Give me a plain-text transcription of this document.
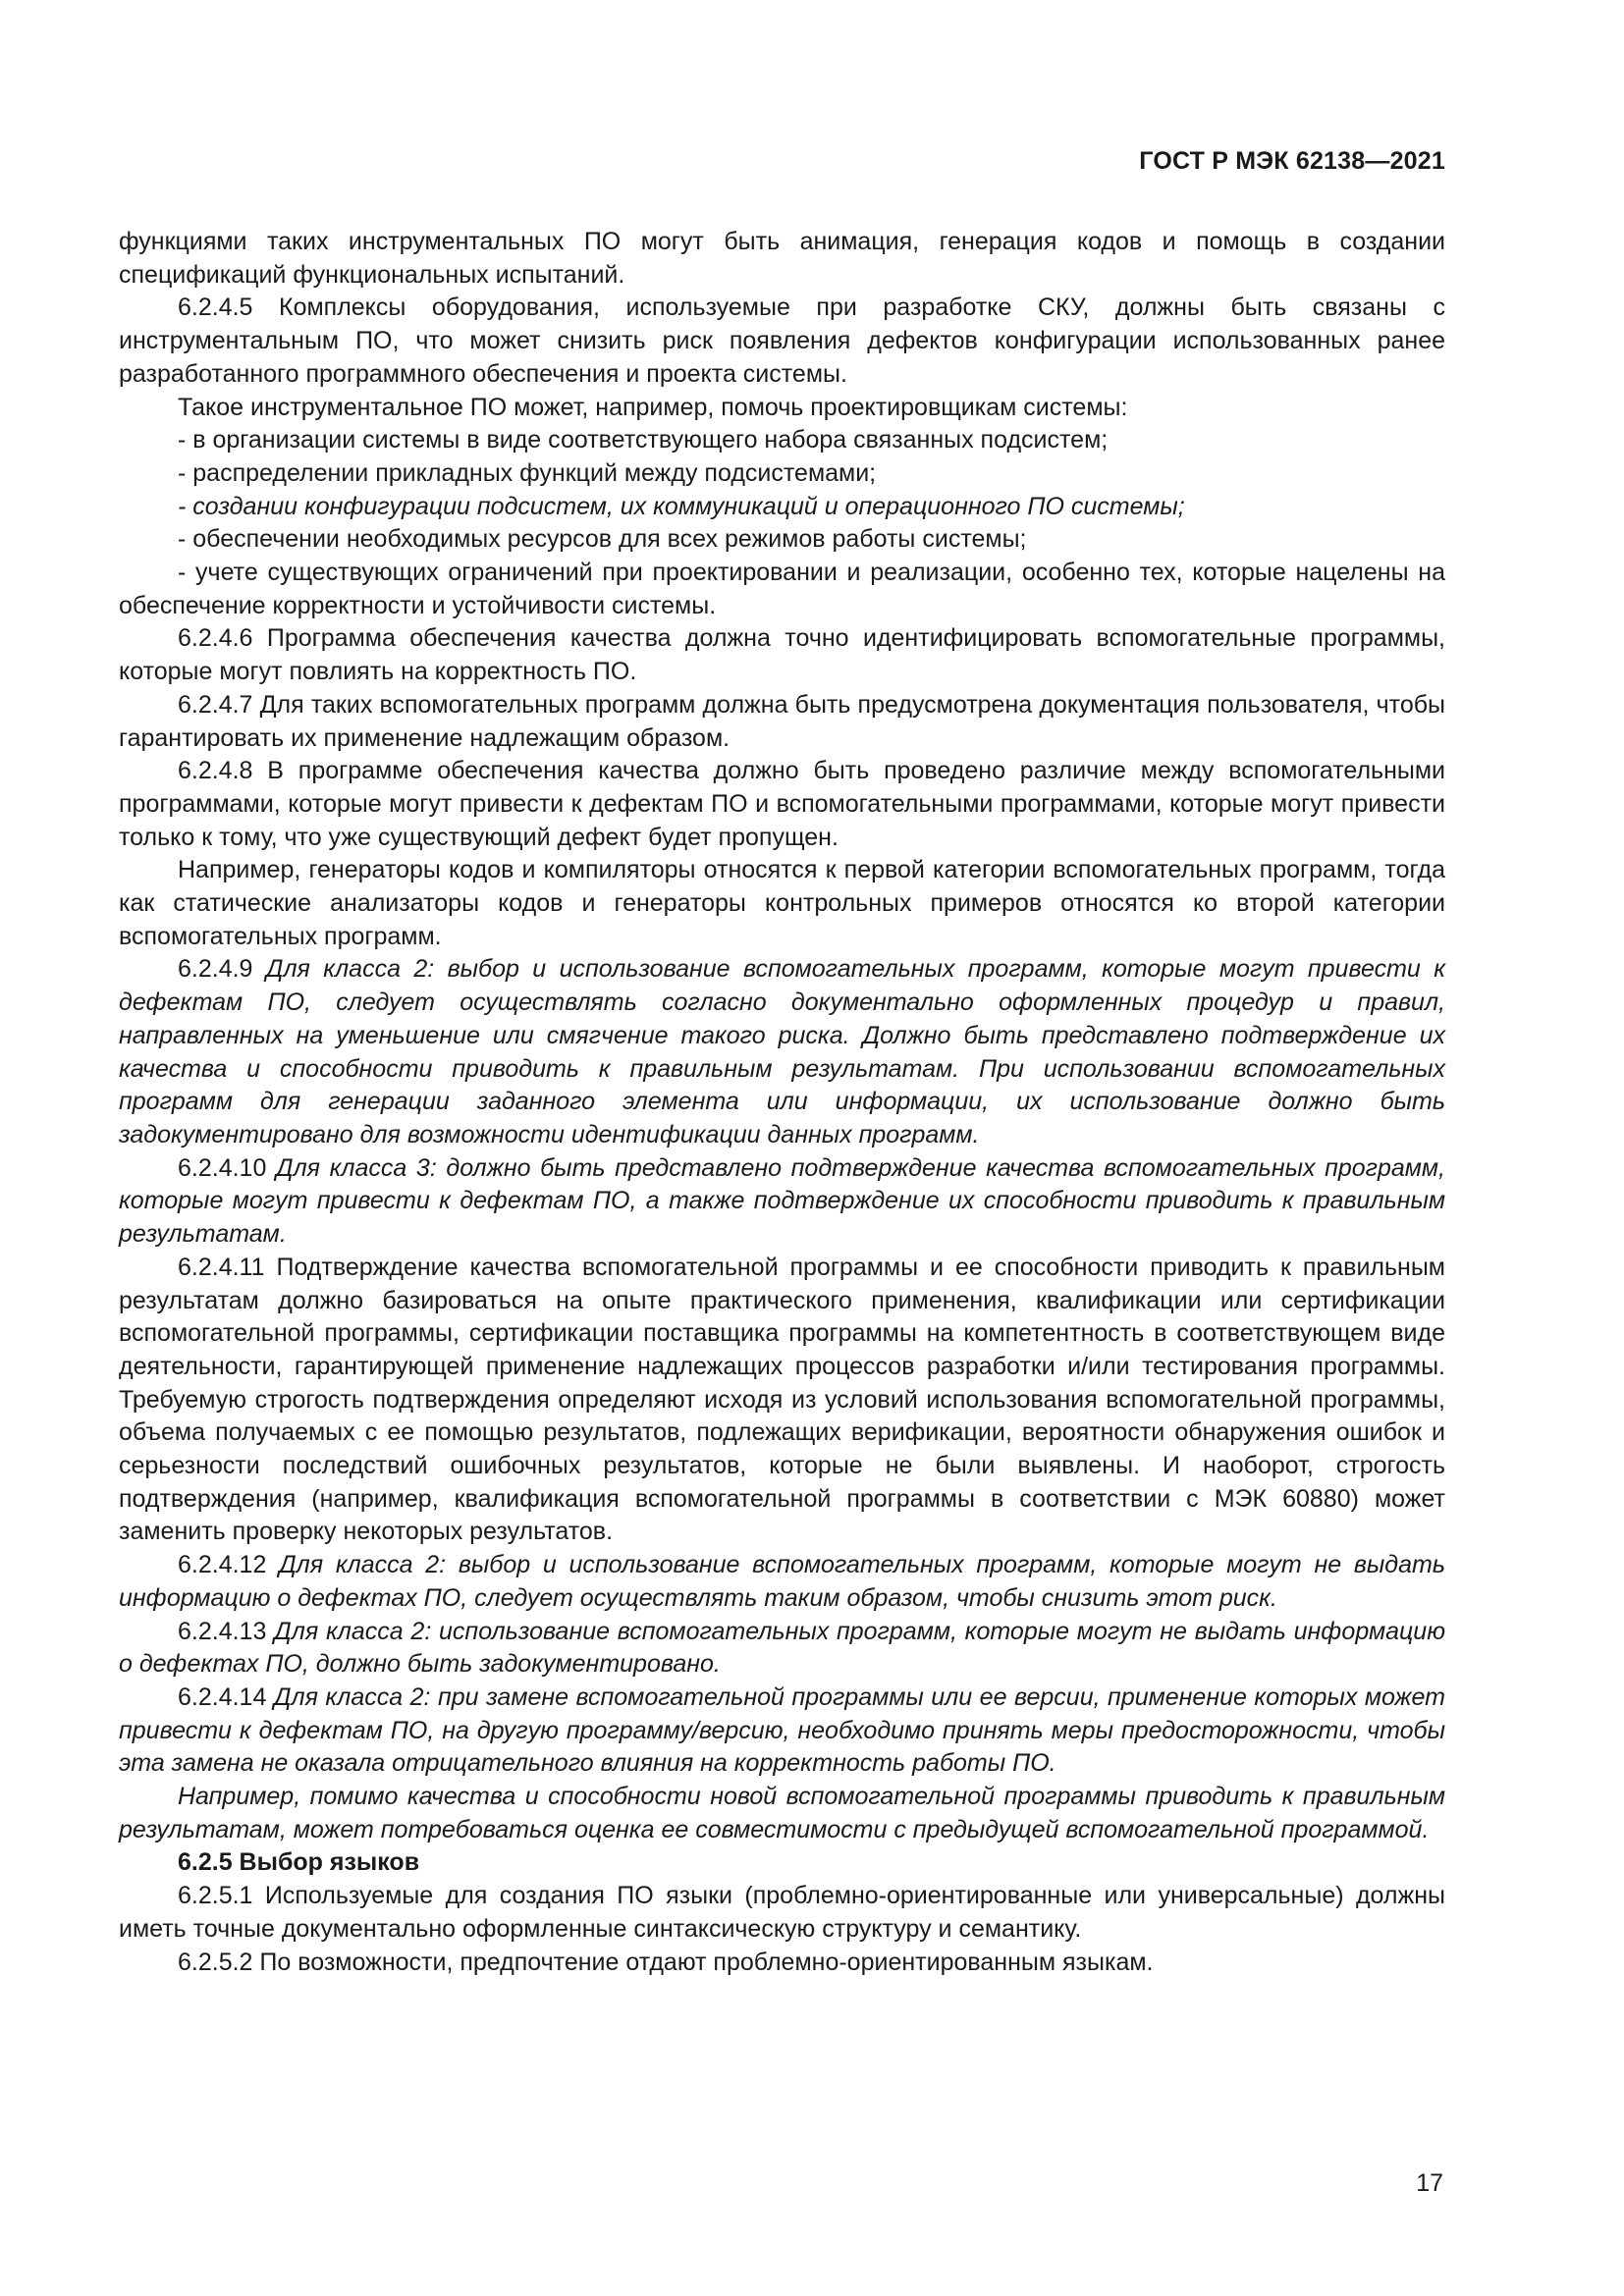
ГОСТ Р МЭК 62138—2021

функциями таких инструментальных ПО могут быть анимация, генерация кодов и помощь в создании спецификаций функциональных испытаний.

6.2.4.5 Комплексы оборудования, используемые при разработке СКУ, должны быть связаны с инструментальным ПО, что может снизить риск появления дефектов конфигурации использованных ранее разработанного программного обеспечения и проекта системы.

Такое инструментальное ПО может, например, помочь проектировщикам системы:

- в организации системы в виде соответствующего набора связанных подсистем;

- распределении прикладных функций между подсистемами;

- создании конфигурации подсистем, их коммуникаций и операционного ПО системы;

- обеспечении необходимых ресурсов для всех режимов работы системы;

- учете существующих ограничений при проектировании и реализации, особенно тех, которые нацелены на обеспечение корректности и устойчивости системы.

6.2.4.6 Программа обеспечения качества должна точно идентифицировать вспомогательные программы, которые могут повлиять на корректность ПО.

6.2.4.7 Для таких вспомогательных программ должна быть предусмотрена документация пользователя, чтобы гарантировать их применение надлежащим образом.

6.2.4.8 В программе обеспечения качества должно быть проведено различие между вспомогательными программами, которые могут привести к дефектам ПО и вспомогательными программами, которые могут привести только к тому, что уже существующий дефект будет пропущен.

Например, генераторы кодов и компиляторы относятся к первой категории вспомогательных программ, тогда как статические анализаторы кодов и генераторы контрольных примеров относятся ко второй категории вспомогательных программ.

6.2.4.9 Для класса 2: выбор и использование вспомогательных программ, которые могут привести к дефектам ПО, следует осуществлять согласно документально оформленных процедур и правил, направленных на уменьшение или смягчение такого риска. Должно быть представлено подтверждение их качества и способности приводить к правильным результатам. При использовании вспомогательных программ для генерации заданного элемента или информации, их использование должно быть задокументировано для возможности идентификации данных программ.

6.2.4.10 Для класса 3: должно быть представлено подтверждение качества вспомогательных программ, которые могут привести к дефектам ПО, а также подтверждение их способности приводить к правильным результатам.

6.2.4.11 Подтверждение качества вспомогательной программы и ее способности приводить к правильным результатам должно базироваться на опыте практического применения, квалификации или сертификации вспомогательной программы, сертификации поставщика программы на компетентность в соответствующем виде деятельности, гарантирующей применение надлежащих процессов разработки и/или тестирования программы. Требуемую строгость подтверждения определяют исходя из условий использования вспомогательной программы, объема получаемых с ее помощью результатов, подлежащих верификации, вероятности обнаружения ошибок и серьезности последствий ошибочных результатов, которые не были выявлены. И наоборот, строгость подтверждения (например, квалификация вспомогательной программы в соответствии с МЭК 60880) может заменить проверку некоторых результатов.

6.2.4.12 Для класса 2: выбор и использование вспомогательных программ, которые могут не выдать информацию о дефектах ПО, следует осуществлять таким образом, чтобы снизить этот риск.

6.2.4.13 Для класса 2: использование вспомогательных программ, которые могут не выдать информацию о дефектах ПО, должно быть задокументировано.

6.2.4.14 Для класса 2: при замене вспомогательной программы или ее версии, применение которых может привести к дефектам ПО, на другую программу/версию, необходимо принять меры предосторожности, чтобы эта замена не оказала отрицательного влияния на корректность работы ПО.

Например, помимо качества и способности новой вспомогательной программы приводить к правильным результатам, может потребоваться оценка ее совместимости с предыдущей вспомогательной программой.

6.2.5 Выбор языков

6.2.5.1 Используемые для создания ПО языки (проблемно-ориентированные или универсальные) должны иметь точные документально оформленные синтаксическую структуру и семантику.

6.2.5.2 По возможности, предпочтение отдают проблемно-ориентированным языкам.

17
